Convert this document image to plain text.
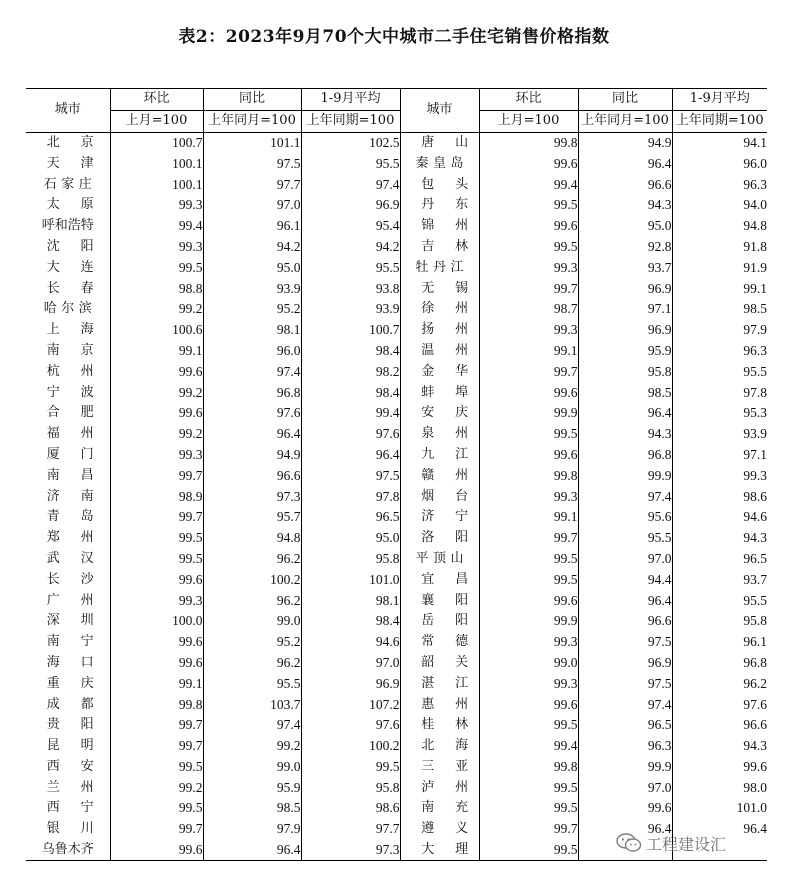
表2：2023年9月70个大中城市二手住宅销售价格指数
城市	环比	同比	1-9月平均	城市	环比	同比	1-9月平均
	上月=100	上年同月=100	上年同期=100		上月=100	上年同月=100	上年同期=100
北京	100.7	101.1	102.5	唐山	99.8	94.9	94.1
天津	100.1	97.5	95.5	秦皇岛	99.6	96.4	96.0
石家庄	100.1	97.7	97.4	包头	99.4	96.6	96.3
太原	99.3	97.0	96.9	丹东	99.5	94.3	94.0
呼和浩特	99.4	96.1	95.4	锦州	99.6	95.0	94.8
沈阳	99.3	94.2	94.2	吉林	99.5	92.8	91.8
大连	99.5	95.0	95.5	牡丹江	99.3	93.7	91.9
长春	98.8	93.9	93.8	无锡	99.7	96.9	99.1
哈尔滨	99.2	95.2	93.9	徐州	98.7	97.1	98.5
上海	100.6	98.1	100.7	扬州	99.3	96.9	97.9
南京	99.1	96.0	98.4	温州	99.1	95.9	96.3
杭州	99.6	97.4	98.2	金华	99.7	95.8	95.5
宁波	99.2	96.8	98.4	蚌埠	99.6	98.5	97.8
合肥	99.6	97.6	99.4	安庆	99.9	96.4	95.3
福州	99.2	96.4	97.6	泉州	99.5	94.3	93.9
厦门	99.3	94.9	96.4	九江	99.6	96.8	97.1
南昌	99.7	96.6	97.5	赣州	99.8	99.9	99.3
济南	98.9	97.3	97.8	烟台	99.3	97.4	98.6
青岛	99.7	95.7	96.5	济宁	99.1	95.6	94.6
郑州	99.5	94.8	95.0	洛阳	99.7	95.5	94.3
武汉	99.5	96.2	95.8	平顶山	99.5	97.0	96.5
长沙	99.6	100.2	101.0	宜昌	99.5	94.4	93.7
广州	99.3	96.2	98.1	襄阳	99.6	96.4	95.5
深圳	100.0	99.0	98.4	岳阳	99.9	96.6	95.8
南宁	99.6	95.2	94.6	常德	99.3	97.5	96.1
海口	99.6	96.2	97.0	韶关	99.0	96.9	96.8
重庆	99.1	95.5	96.9	湛江	99.3	97.5	96.2
成都	99.8	103.7	107.2	惠州	99.6	97.4	97.6
贵阳	99.7	97.4	97.6	桂林	99.5	96.5	96.6
昆明	99.7	99.2	100.2	北海	99.4	96.3	94.3
西安	99.5	99.0	99.5	三亚	99.8	99.9	99.6
兰州	99.2	95.9	95.8	泸州	99.5	97.0	98.0
西宁	99.5	98.5	98.6	南充	99.5	99.6	101.0
银川	99.7	97.9	97.7	遵义	99.7	96.4	96.4
乌鲁木齐	99.6	96.4	97.3	大理	99.5			工程建设汇
